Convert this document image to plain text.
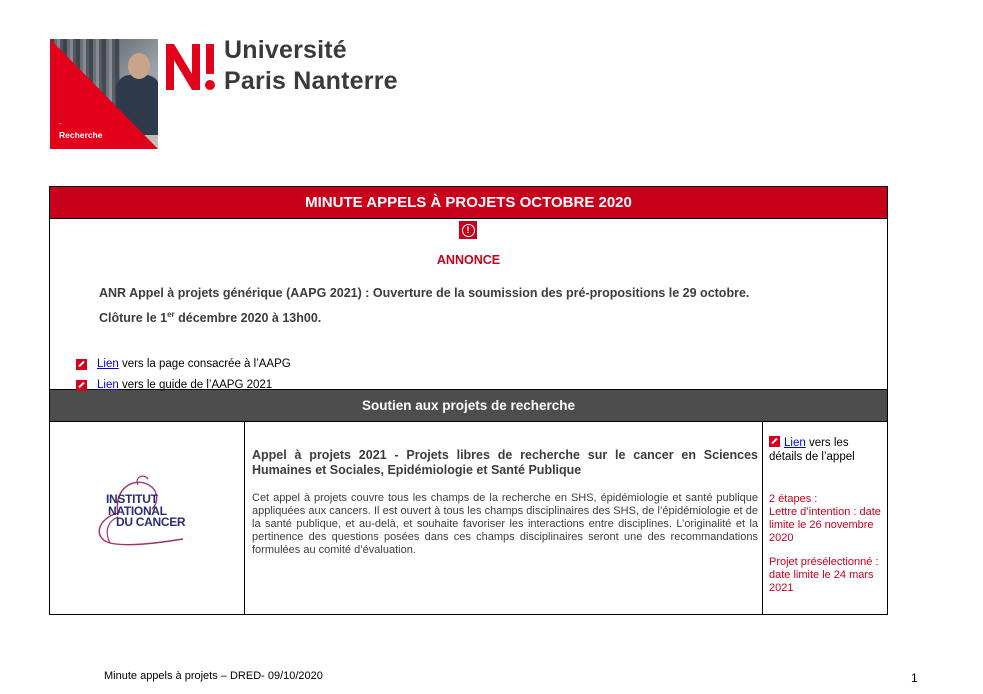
-
Recherche
Université
Paris Nanterre
MINUTE APPELS À PROJETS OCTOBRE 2020
!
ANNONCE
ANR Appel à projets générique (AAPG 2021) : Ouverture de la soumission des pré-propositions le 29 octobre.
Clôture le 1er décembre 2020 à 13h00.
Lien vers la page consacrée à l’AAPG
Lien vers le guide de l’AAPG 2021
Soutien aux projets de recherche
INSTITUT
NATIONAL
DU CANCER
Appel à projets 2021 - Projets libres de recherche sur le cancer en Sciences Humaines et Sociales, Epidémiologie et Santé Publique
Cet appel à projets couvre tous les champs de la recherche en SHS, épidémiologie et santé publique appliquées aux cancers. Il est ouvert à tous les champs disciplinaires des SHS, de l’épidémiologie et de la santé publique, et au-delà, et souhaite favoriser les interactions entre disciplines. L’originalité et la pertinence des questions posées dans ces champs disciplinaires seront une des recommandations formulées au comité d’évaluation.
Lien vers les détails de l’appel
2 étapes :

Lettre d’intention : date limite le 26 novembre 2020

Projet présélectionné : date limite le 24 mars 2021

Minute appels à projets – DRED- 09/10/2020	1
